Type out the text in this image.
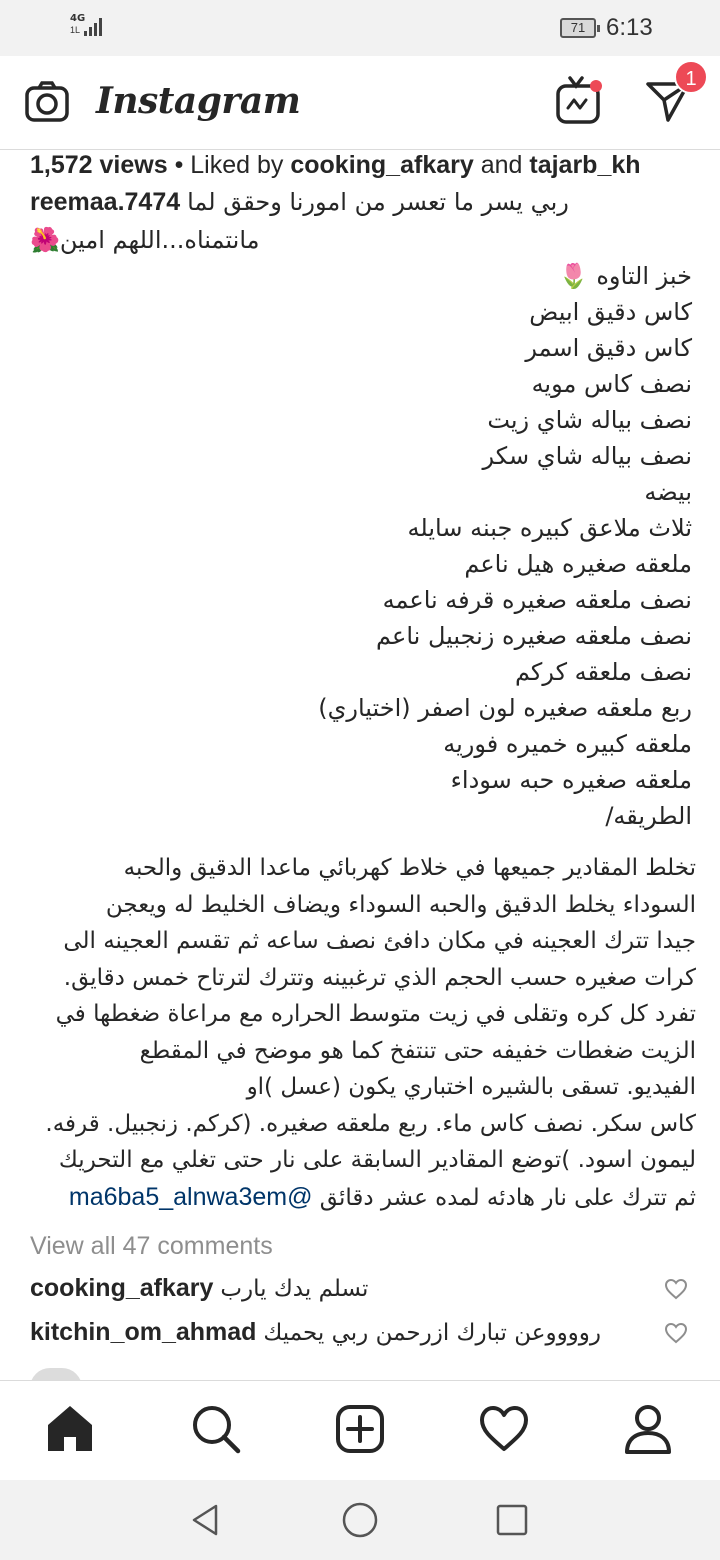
4G
1L	71 6:13
Instagram
1
1,572 views • Liked by cooking_afkary and tajarb_kh
reemaa.7474 ربي يسر ما تعسر من امورنا وحقق لما
🌺مانتمناه...اللهم امين
خبز التاوه 🌷
كاس دقيق ابيض
كاس دقيق اسمر
نصف كاس مويه
نصف بياله شاي زيت
نصف بياله شاي سكر
بيضه
ثلاث ملاعق كبيره جبنه سايله
ملعقه صغيره هيل ناعم
نصف ملعقه صغيره قرفه ناعمه
نصف ملعقه صغيره زنجبيل ناعم
نصف ملعقه كركم
ربع ملعقه صغيره لون اصفر (اختياري)
ملعقه كبيره خميره فوريه
ملعقه صغيره حبه سوداء
الطريقه/
تخلط المقادير جميعها في خلاط كهربائي ماعدا الدقيق والحبه
السوداء يخلط الدقيق والحبه السوداء ويضاف الخليط له ويعجن
جيدا تترك العجينه في مكان دافئ نصف ساعه ثم تقسم العجينه الى
كرات صغيره حسب الحجم الذي ترغبينه وتترك لترتاح خمس دقايق.
تفرد كل كره وتقلى في زيت متوسط الحراره مع مراعاة ضغطها في
الزيت ضغطات خفيفه حتى تنتفخ كما هو موضح في المقطع
الفيديو. تسقى بالشيره اختباري يكون (عسل )او
كاس سكر. نصف كاس ماء. ربع ملعقه صغيره. (كركم. زنجبيل. قرفه.
ليمون اسود. )توضع المقادير السابقة على نار حتى تغلي مع التحريك
ثم تترك على نار هادئه لمده عشر دقائق @ma6ba5_alnwa3em
View all 47 comments
cooking_afkary تسلم يدك يارب
kitchin_om_ahmad رووووعن تبارك ازرحمن ربي يحميك
